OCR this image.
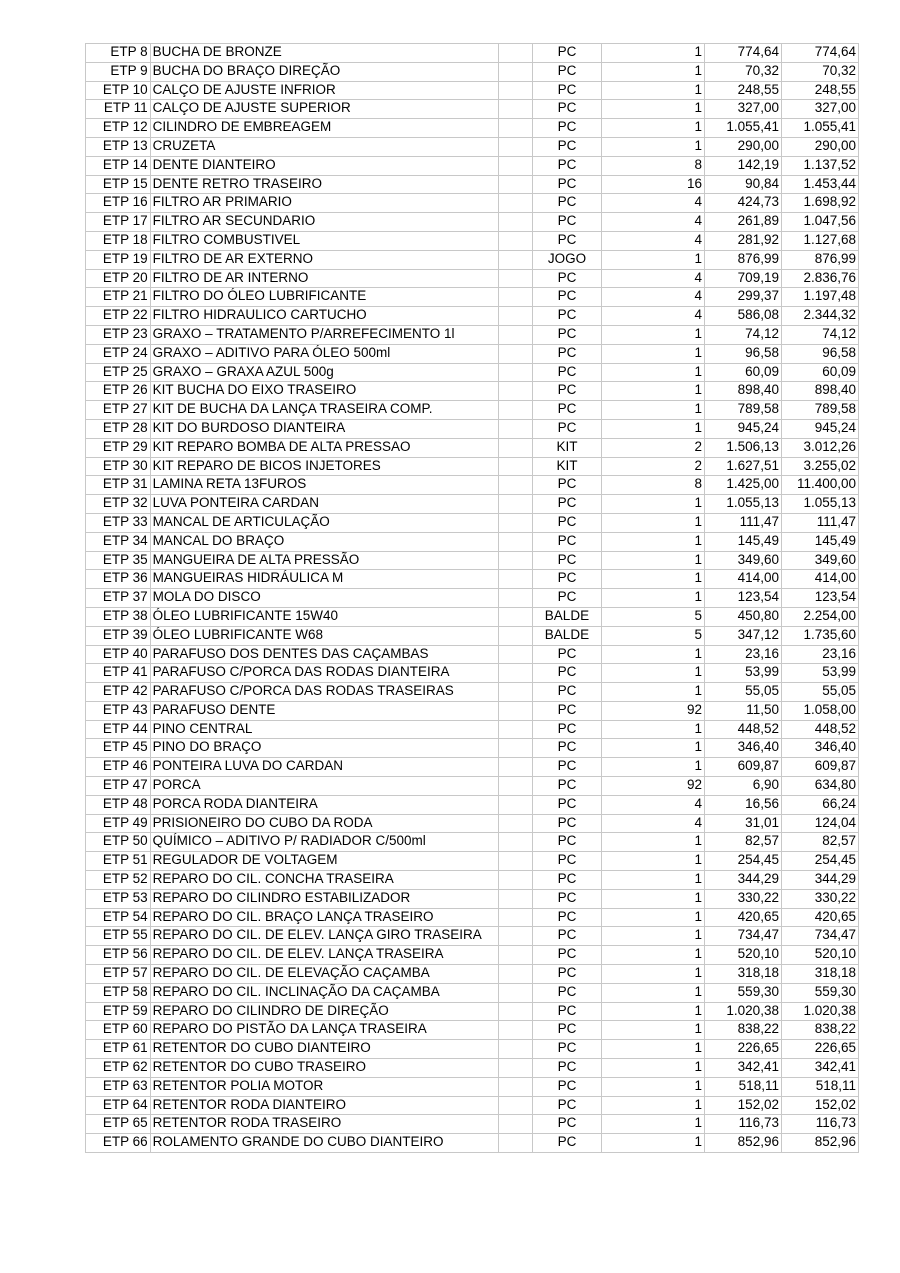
ETP 8	BUCHA DE BRONZE		PC	1	774,64	774,64
ETP 9	BUCHA DO BRAÇO DIREÇÃO		PC	1	70,32	70,32
ETP 10	CALÇO DE AJUSTE INFRIOR		PC	1	248,55	248,55
ETP 11	CALÇO DE AJUSTE SUPERIOR		PC	1	327,00	327,00
ETP 12	CILINDRO DE EMBREAGEM		PC	1	1.055,41	1.055,41
ETP 13	CRUZETA		PC	1	290,00	290,00
ETP 14	DENTE DIANTEIRO		PC	8	142,19	1.137,52
ETP 15	DENTE RETRO TRASEIRO		PC	16	90,84	1.453,44
ETP 16	FILTRO AR PRIMARIO		PC	4	424,73	1.698,92
ETP 17	FILTRO AR SECUNDARIO		PC	4	261,89	1.047,56
ETP 18	FILTRO COMBUSTIVEL		PC	4	281,92	1.127,68
ETP 19	FILTRO DE AR EXTERNO		JOGO	1	876,99	876,99
ETP 20	FILTRO DE AR INTERNO		PC	4	709,19	2.836,76
ETP 21	FILTRO DO ÓLEO LUBRIFICANTE		PC	4	299,37	1.197,48
ETP 22	FILTRO HIDRAULICO CARTUCHO		PC	4	586,08	2.344,32
ETP 23	GRAXO – TRATAMENTO P/ARREFECIMENTO 1l		PC	1	74,12	74,12
ETP 24	GRAXO – ADITIVO PARA ÓLEO 500ml		PC	1	96,58	96,58
ETP 25	GRAXO – GRAXA AZUL 500g		PC	1	60,09	60,09
ETP 26	KIT BUCHA DO EIXO TRASEIRO		PC	1	898,40	898,40
ETP 27	KIT DE BUCHA DA LANÇA TRASEIRA COMP.		PC	1	789,58	789,58
ETP 28	KIT DO BURDOSO DIANTEIRA		PC	1	945,24	945,24
ETP 29	KIT REPARO BOMBA DE ALTA PRESSAO		KIT	2	1.506,13	3.012,26
ETP 30	KIT REPARO DE BICOS INJETORES		KIT	2	1.627,51	3.255,02
ETP 31	LAMINA RETA 13FUROS		PC	8	1.425,00	11.400,00
ETP 32	LUVA PONTEIRA CARDAN		PC	1	1.055,13	1.055,13
ETP 33	MANCAL DE ARTICULAÇÃO		PC	1	111,47	111,47
ETP 34	MANCAL DO BRAÇO		PC	1	145,49	145,49
ETP 35	MANGUEIRA DE ALTA PRESSÃO		PC	1	349,60	349,60
ETP 36	MANGUEIRAS HIDRÁULICA M		PC	1	414,00	414,00
ETP 37	MOLA DO DISCO		PC	1	123,54	123,54
ETP 38	ÓLEO LUBRIFICANTE 15W40		BALDE	5	450,80	2.254,00
ETP 39	ÓLEO LUBRIFICANTE W68		BALDE	5	347,12	1.735,60
ETP 40	PARAFUSO DOS DENTES DAS CAÇAMBAS		PC	1	23,16	23,16
ETP 41	PARAFUSO C/PORCA DAS RODAS DIANTEIRA		PC	1	53,99	53,99
ETP 42	PARAFUSO C/PORCA DAS RODAS TRASEIRAS		PC	1	55,05	55,05
ETP 43	PARAFUSO DENTE		PC	92	11,50	1.058,00
ETP 44	PINO CENTRAL		PC	1	448,52	448,52
ETP 45	PINO DO BRAÇO		PC	1	346,40	346,40
ETP 46	PONTEIRA LUVA DO CARDAN		PC	1	609,87	609,87
ETP 47	PORCA		PC	92	6,90	634,80
ETP 48	PORCA RODA DIANTEIRA		PC	4	16,56	66,24
ETP 49	PRISIONEIRO DO CUBO DA RODA		PC	4	31,01	124,04
ETP 50	QUÍMICO – ADITIVO P/ RADIADOR C/500ml		PC	1	82,57	82,57
ETP 51	REGULADOR DE VOLTAGEM		PC	1	254,45	254,45
ETP 52	REPARO DO CIL. CONCHA TRASEIRA		PC	1	344,29	344,29
ETP 53	REPARO DO CILINDRO ESTABILIZADOR		PC	1	330,22	330,22
ETP 54	REPARO DO CIL. BRAÇO LANÇA TRASEIRO		PC	1	420,65	420,65
ETP 55	REPARO DO CIL. DE ELEV. LANÇA GIRO TRASEIRA		PC	1	734,47	734,47
ETP 56	REPARO DO CIL. DE ELEV. LANÇA TRASEIRA		PC	1	520,10	520,10
ETP 57	REPARO DO CIL. DE ELEVAÇÃO CAÇAMBA		PC	1	318,18	318,18
ETP 58	REPARO DO CIL. INCLINAÇÃO DA CAÇAMBA		PC	1	559,30	559,30
ETP 59	REPARO DO CILINDRO DE DIREÇÃO		PC	1	1.020,38	1.020,38
ETP 60	REPARO DO PISTÃO DA LANÇA TRASEIRA		PC	1	838,22	838,22
ETP 61	RETENTOR DO CUBO DIANTEIRO		PC	1	226,65	226,65
ETP 62	RETENTOR DO CUBO TRASEIRO		PC	1	342,41	342,41
ETP 63	RETENTOR POLIA MOTOR		PC	1	518,11	518,11
ETP 64	RETENTOR RODA DIANTEIRO		PC	1	152,02	152,02
ETP 65	RETENTOR RODA TRASEIRO		PC	1	116,73	116,73
ETP 66	ROLAMENTO GRANDE DO CUBO DIANTEIRO		PC	1	852,96	852,96
